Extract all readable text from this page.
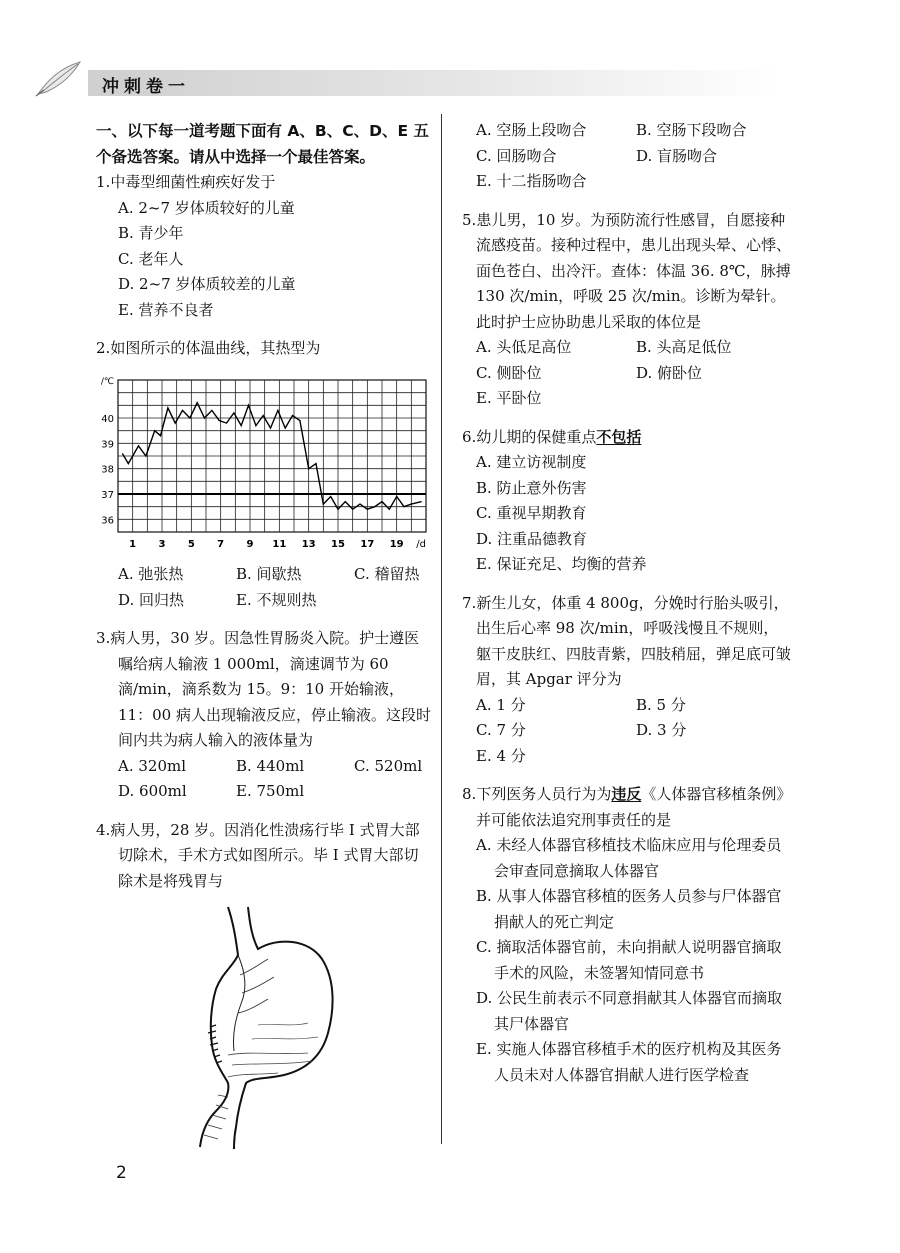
冲刺卷一

一、以下每一道考题下面有 A、B、C、D、E 五个备选答案。请从中选择一个最佳答案。

1.中毒型细菌性痢疾好发于

A. 2~7 岁体质较好的儿童

B. 青少年

C. 老年人

D. 2~7 岁体质较差的儿童

E. 营养不良者

2.如图所示的体温曲线，其热型为

36
37
38
39
40
/℃
1 3 5 7 9 11 13 15 17 19 /d
A. 弛张热	B. 间歇热	C. 稽留热
D. 回归热	E. 不规则热

3.病人男，30 岁。因急性胃肠炎入院。护士遵医嘱给病人输液 1 000ml，滴速调节为 60 滴/min，滴系数为 15。9：10 开始输液，11：00 病人出现输液反应，停止输液。这段时间内共为病人输入的液体量为

A. 320ml	B. 440ml	C. 520ml
D. 600ml	E. 750ml

4.病人男，28 岁。因消化性溃疡行毕 Ⅰ 式胃大部切除术，手术方式如图所示。毕 Ⅰ 式胃大部切除术是将残胃与

A. 空肠上段吻合	B. 空肠下段吻合
C. 回肠吻合	D. 盲肠吻合

E. 十二指肠吻合

5.患儿男，10 岁。为预防流行性感冒，自愿接种流感疫苗。接种过程中，患儿出现头晕、心悸、面色苍白、出冷汗。查体：体温 36. 8℃，脉搏 130 次/min，呼吸 25 次/min。诊断为晕针。此时护士应协助患儿采取的体位是

A. 头低足高位	B. 头高足低位
C. 侧卧位	D. 俯卧位

E. 平卧位

6.幼儿期的保健重点不包括

A. 建立访视制度

B. 防止意外伤害

C. 重视早期教育

D. 注重品德教育

E. 保证充足、均衡的营养

7.新生儿女，体重 4 800g，分娩时行胎头吸引，出生后心率 98 次/min，呼吸浅慢且不规则，躯干皮肤红、四肢青紫，四肢稍屈，弹足底可皱眉，其 Apgar 评分为

A. 1 分	B. 5 分
C. 7 分	D. 3 分

E. 4 分

8.下列医务人员行为为违反《人体器官移植条例》并可能依法追究刑事责任的是

A. 未经人体器官移植技术临床应用与伦理委员会审查同意摘取人体器官

B. 从事人体器官移植的医务人员参与尸体器官捐献人的死亡判定

C. 摘取活体器官前，未向捐献人说明器官摘取手术的风险，未签署知情同意书

D. 公民生前表示不同意捐献其人体器官而摘取其尸体器官

E. 实施人体器官移植手术的医疗机构及其医务人员未对人体器官捐献人进行医学检查

2
